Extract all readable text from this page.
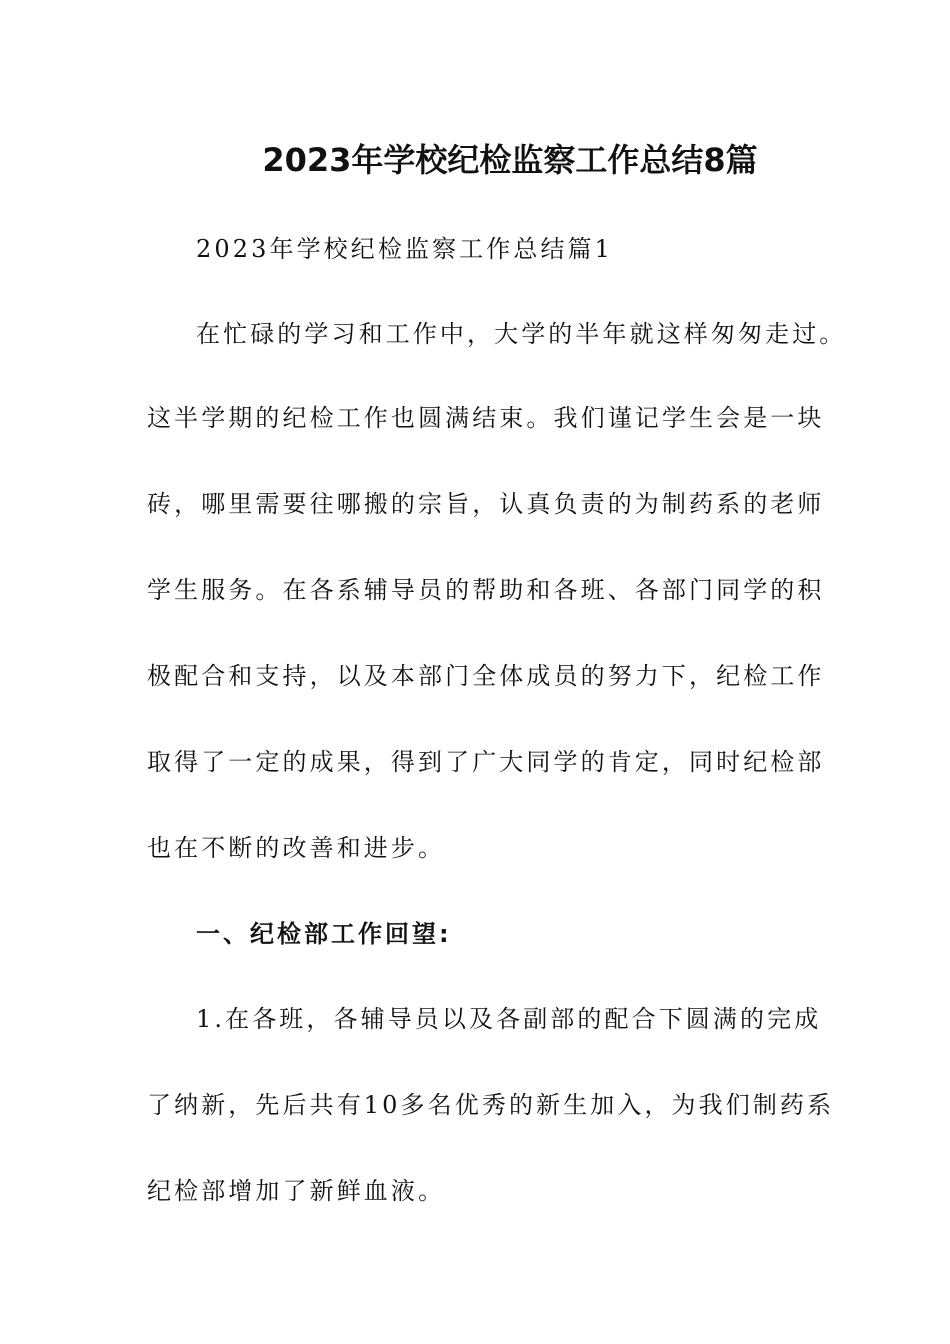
2023年学校纪检监察工作总结8篇
2023年学校纪检监察工作总结篇1
在忙碌的学习和工作中，大学的半年就这样匆匆走过。
这半学期的纪检工作也圆满结束。我们谨记学生会是一块
砖，哪里需要往哪搬的宗旨，认真负责的为制药系的老师
学生服务。在各系辅导员的帮助和各班、各部门同学的积
极配合和支持，以及本部门全体成员的努力下，纪检工作
取得了一定的成果，得到了广大同学的肯定，同时纪检部
也在不断的改善和进步。
一、纪检部工作回望:
1.在各班，各辅导员以及各副部的配合下圆满的完成
了纳新，先后共有10多名优秀的新生加入，为我们制药系
纪检部增加了新鲜血液。
